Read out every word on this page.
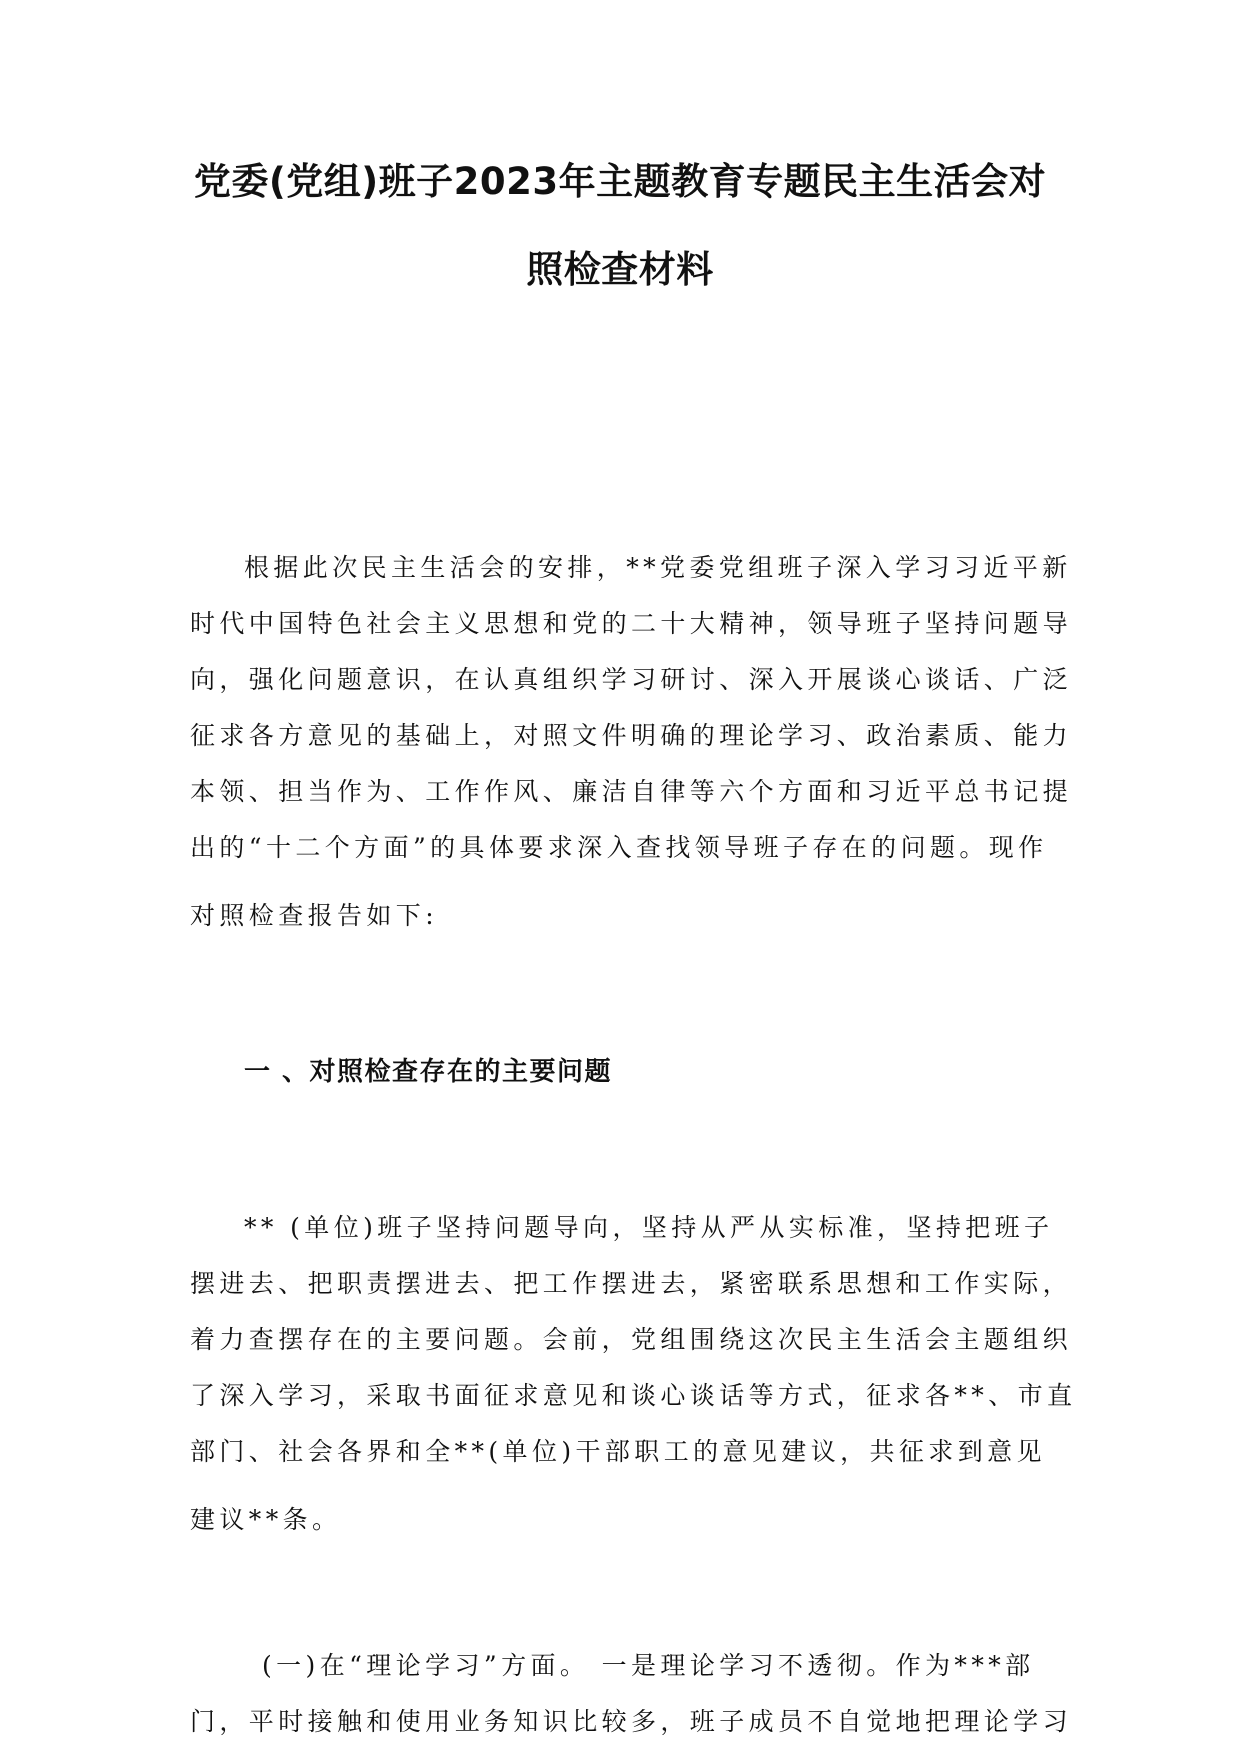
党委(党组)班子2023年主题教育专题民主生活会对
照检查材料
根据此次民主生活会的安排，**党委党组班子深入学习习近平新
时代中国特色社会主义思想和党的二十大精神，领导班子坚持问题导
向，强化问题意识，在认真组织学习研讨、深入开展谈心谈话、广泛
征求各方意见的基础上，对照文件明确的理论学习、政治素质、能力
本领、担当作为、工作作风、廉洁自律等六个方面和习近平总书记提
出的“十二个方面”的具体要求深入查找领导班子存在的问题。现作
对照检查报告如下:
一 、对照检查存在的主要问题
** (单位)班子坚持问题导向，坚持从严从实标准，坚持把班子
摆进去、把职责摆进去、把工作摆进去，紧密联系思想和工作实际，
着力查摆存在的主要问题。会前，党组围绕这次民主生活会主题组织
了深入学习，采取书面征求意见和谈心谈话等方式，征求各**、市直
部门、社会各界和全**(单位)干部职工的意见建议，共征求到意见
建议**条。
(一)在“理论学习”方面。 一是理论学习不透彻。作为***部
门，平时接触和使用业务知识比较多，班子成员不自觉地把理论学习
